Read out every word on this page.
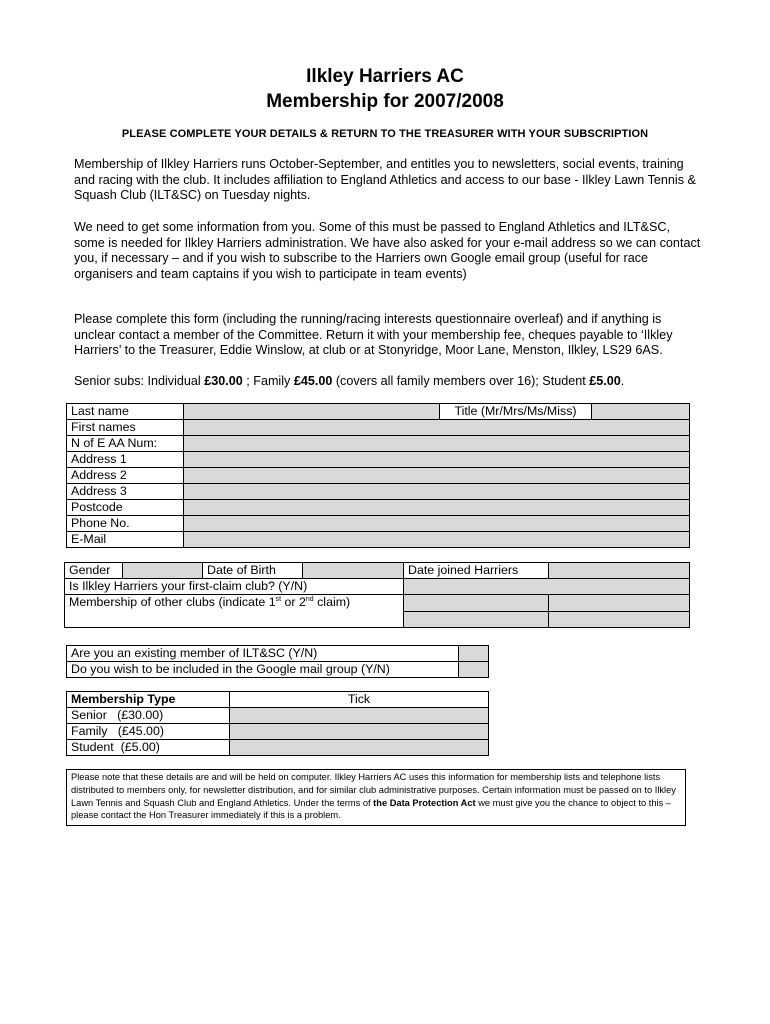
Ilkley Harriers AC
Membership for 2007/2008
PLEASE COMPLETE YOUR DETAILS & RETURN TO THE TREASURER WITH YOUR SUBSCRIPTION

Membership of Ilkley Harriers runs October-September, and entitles you to newsletters, social events, training and racing with the club. It includes affiliation to England Athletics and access to our base - Ilkley Lawn Tennis & Squash Club (ILT&SC) on Tuesday nights.

We need to get some information from you. Some of this must be passed to England Athletics and ILT&SC, some is needed for Ilkley Harriers administration. We have also asked for your e-mail address so we can contact you, if necessary – and if you wish to subscribe to the Harriers own Google email group (useful for race organisers and team captains if you wish to participate in team events)

Please complete this form (including the running/racing interests questionnaire overleaf) and if anything is unclear contact a member of the Committee. Return it with your membership fee, cheques payable to ‘Ilkley Harriers’ to the Treasurer, Eddie Winslow, at club or at Stonyridge, Moor Lane, Menston, Ilkley, LS29 6AS.

Senior subs: Individual £30.00 ; Family £45.00 (covers all family members over 16); Student £5.00.

Last name		Title (Mr/Mrs/Ms/Miss)	
First names			
N of E AA Num:			
Address 1			
Address 2			
Address 3			
Postcode			
Phone No.			
E-Mail			
Gender		Date of Birth		Date joined Harriers	
Is Ilkley Harriers your first-claim club? (Y/N)					
Membership of other clubs (indicate 1st or 2nd claim)					

Are you an existing member of ILT&SC (Y/N)	
Do you wish to be included in the Google mail group (Y/N)	
Membership Type	Tick
Senior   (£30.00)	
Family   (£45.00)	
Student  (£5.00)	
Please note that these details are and will be held on computer. Ilkley Harriers AC uses this information for membership lists and telephone lists distributed to members only, for newsletter distribution, and for similar club administrative purposes. Certain information must be passed on to Ilkley Lawn Tennis and Squash Club and England Athletics. Under the terms of the Data Protection Act we must give you the chance to object to this – please contact the Hon Treasurer immediately if this is a problem.
